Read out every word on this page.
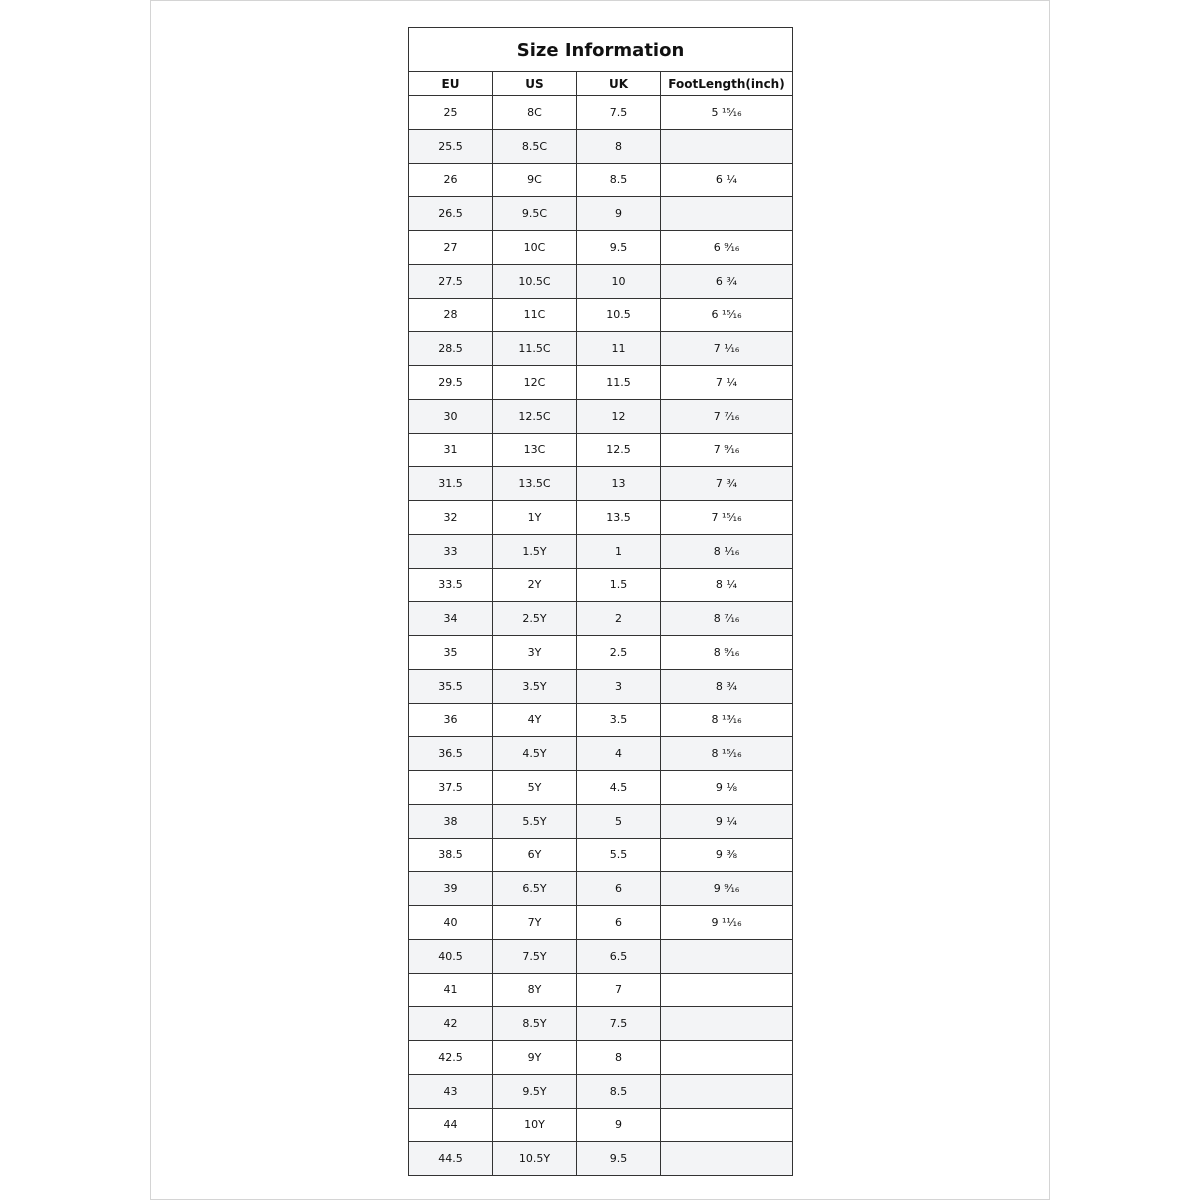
Size Information			
EU	US	UK	FootLength(inch)
25	8C	7.5	5 ¹⁵⁄₁₆
25.5	8.5C	8	
26	9C	8.5	6 ¼
26.5	9.5C	9	
27	10C	9.5	6 ⁹⁄₁₆
27.5	10.5C	10	6 ¾
28	11C	10.5	6 ¹⁵⁄₁₆
28.5	11.5C	11	7 ¹⁄₁₆
29.5	12C	11.5	7 ¼
30	12.5C	12	7 ⁷⁄₁₆
31	13C	12.5	7 ⁹⁄₁₆
31.5	13.5C	13	7 ¾
32	1Y	13.5	7 ¹⁵⁄₁₆
33	1.5Y	1	8 ¹⁄₁₆
33.5	2Y	1.5	8 ¼
34	2.5Y	2	8 ⁷⁄₁₆
35	3Y	2.5	8 ⁹⁄₁₆
35.5	3.5Y	3	8 ¾
36	4Y	3.5	8 ¹³⁄₁₆
36.5	4.5Y	4	8 ¹⁵⁄₁₆
37.5	5Y	4.5	9 ⅛
38	5.5Y	5	9 ¼
38.5	6Y	5.5	9 ⅜
39	6.5Y	6	9 ⁹⁄₁₆
40	7Y	6	9 ¹¹⁄₁₆
40.5	7.5Y	6.5	
41	8Y	7	
42	8.5Y	7.5	
42.5	9Y	8	
43	9.5Y	8.5	
44	10Y	9	
44.5	10.5Y	9.5	
